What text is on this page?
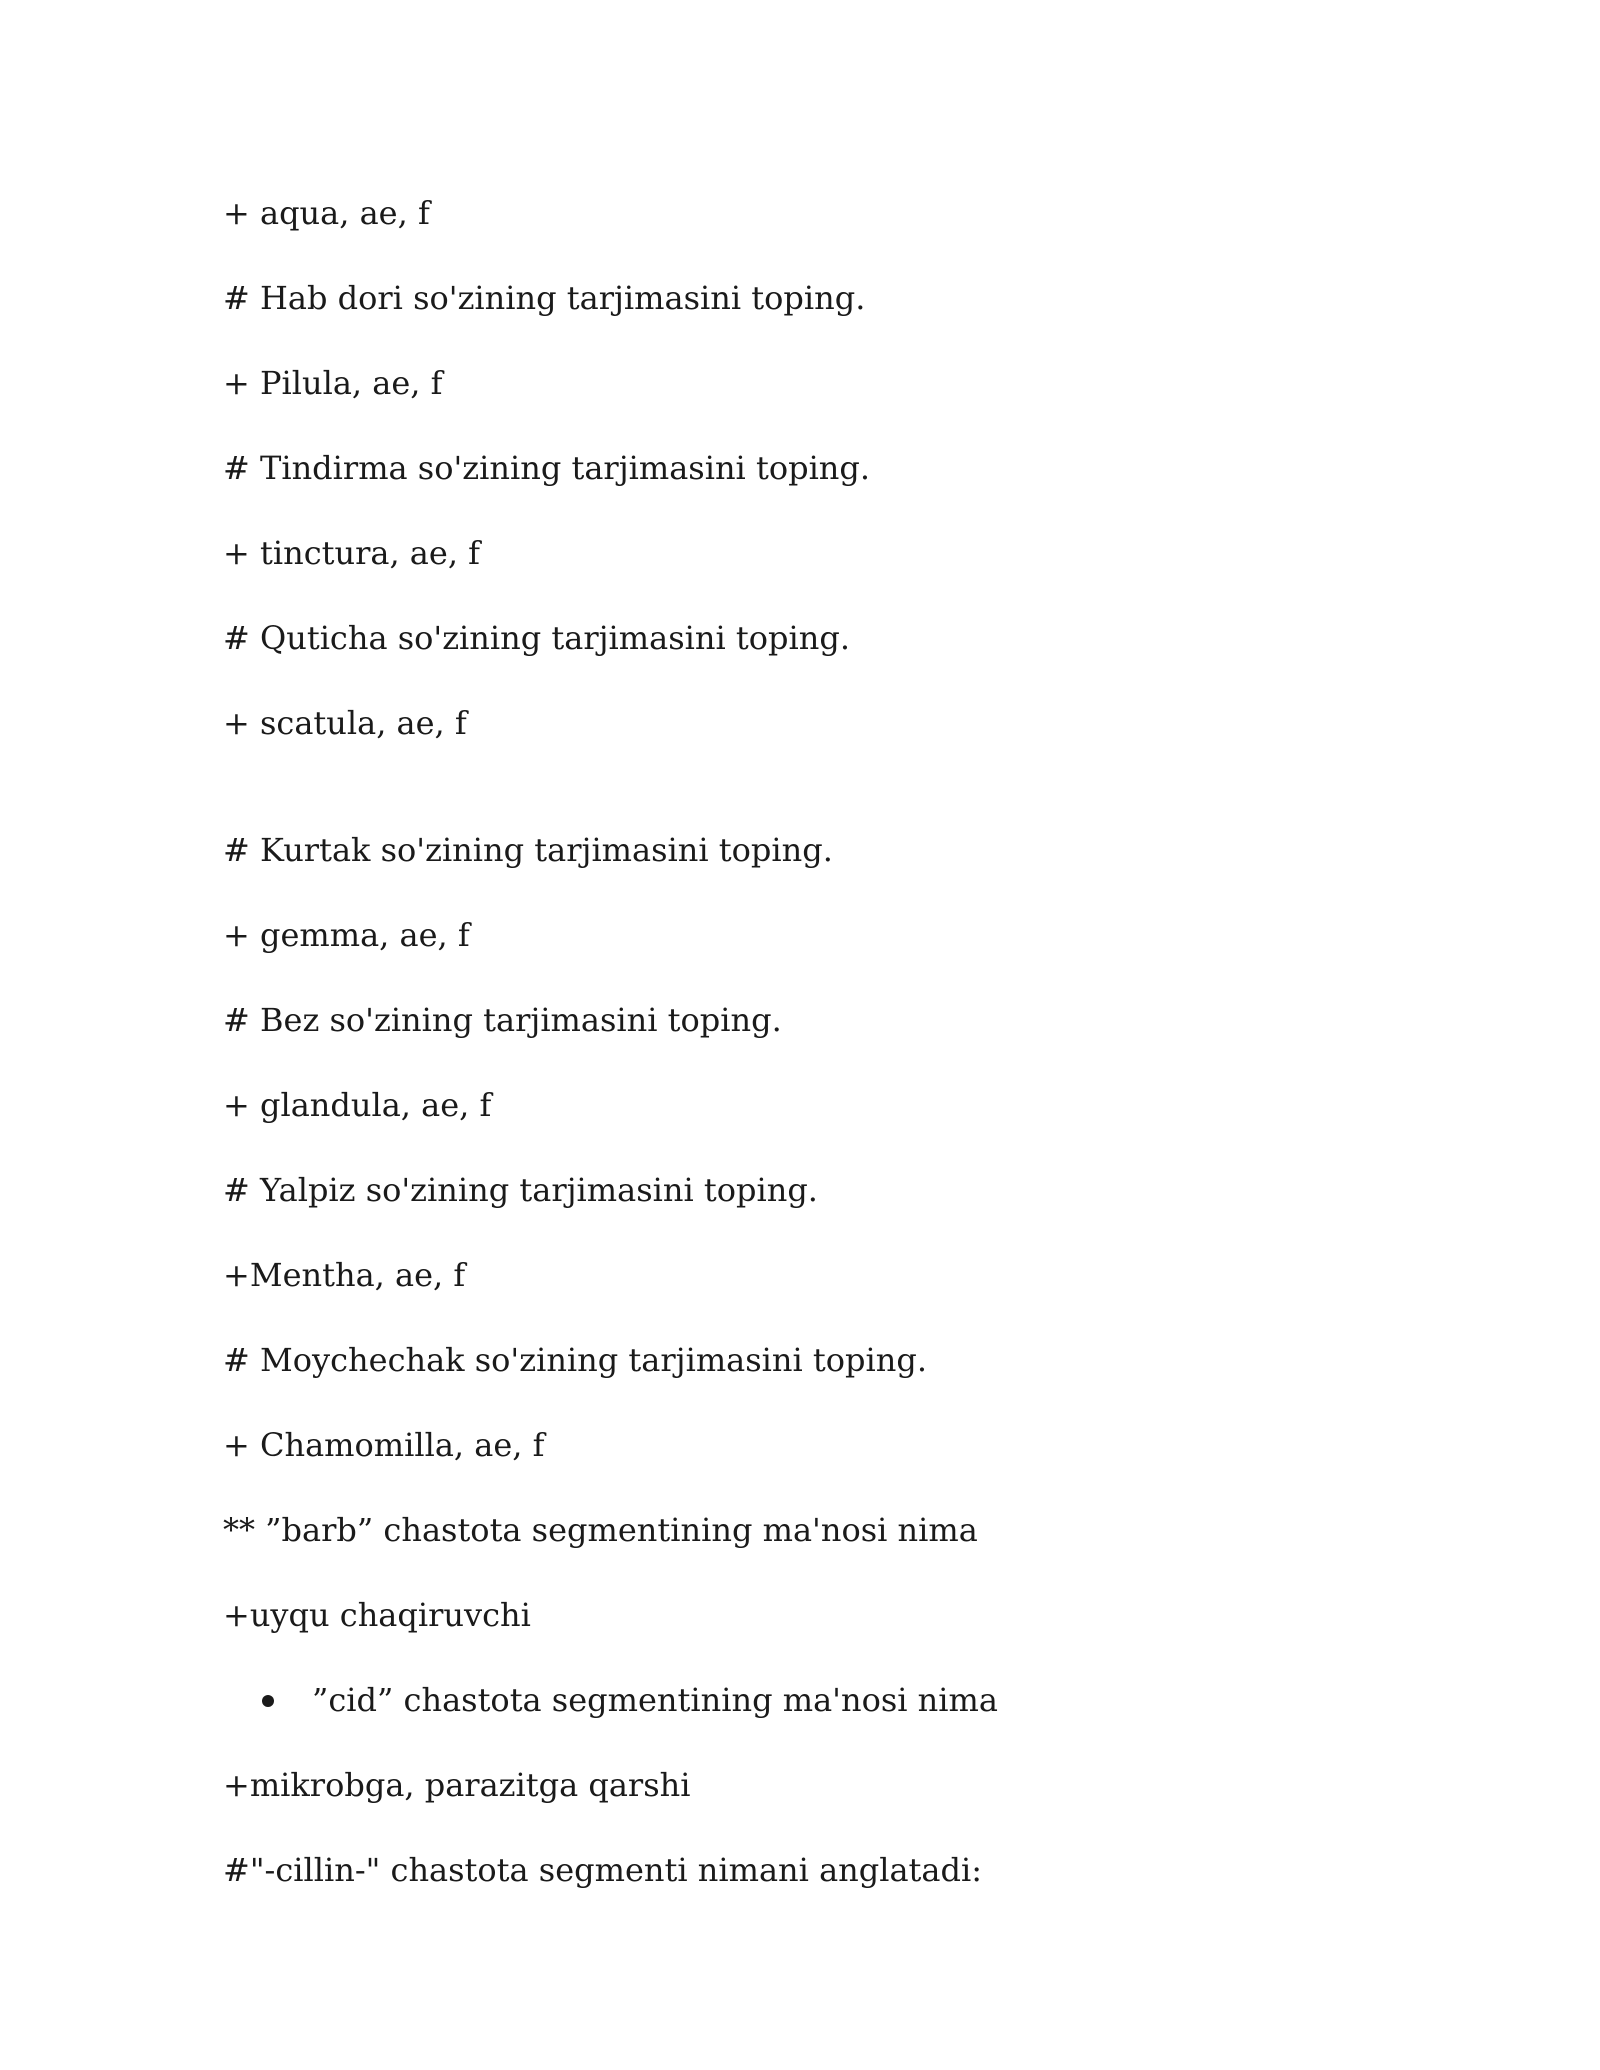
+ aqua, ae, f
# Hab dori so'zining tarjimasini toping.
+ Pilula, ae, f
# Tindirma so'zining tarjimasini toping.
+ tinctura, ae, f
# Quticha so'zining tarjimasini toping.
+ scatula, ae, f
# Kurtak so'zining tarjimasini toping.
+ gemma, ae, f
# Bez so'zining tarjimasini toping.
+ glandula, ae, f
# Yalpiz so'zining tarjimasini toping.
+Mentha, ae, f
# Moychechak so'zining tarjimasini toping.
+ Chamomilla, ae, f
** ”barb” chastota segmentining ma'nosi nima
+uyqu chaqiruvchi
”cid” chastota segmentining ma'nosi nima
+mikrobga, parazitga qarshi
#"-cillin-" chastota segmenti nimani anglatadi:
